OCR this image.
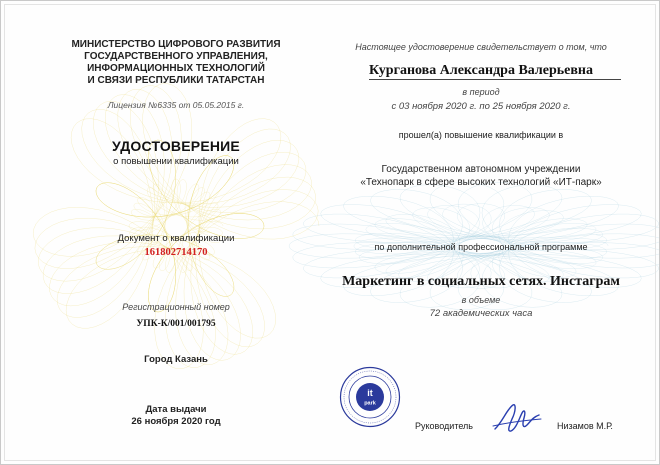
МИНИСТЕРСТВО ЦИФРОВОГО РАЗВИТИЯ
ГОСУДАРСТВЕННОГО УПРАВЛЕНИЯ,
ИНФОРМАЦИОННЫХ ТЕХНОЛОГИЙ
И СВЯЗИ РЕСПУБЛИКИ ТАТАРСТАН
Лицензия №6335 от 05.05.2015 г.
УДОСТОВЕРЕНИЕ
о повышении квалификации
Документ о квалификации
161802714170
Регистрационный номер
УПК-К/001/001795
Город Казань
Дата выдачи
26 ноября 2020 год
Настоящее удостоверение свидетельствует о том, что
Курганова Александра Валерьевна
в период
с 03 ноября 2020 г. по 25 ноября 2020 г.
прошел(а) повышение квалификации в
Государственном автономном учреждении
«Технопарк в сфере высоких технологий «ИТ-парк»
по дополнительной профессиональной программе
Маркетинг в социальных сетях. Инстаграм
в объеме
72 академических часа
it
park
Руководитель	Низамов М.Р.
